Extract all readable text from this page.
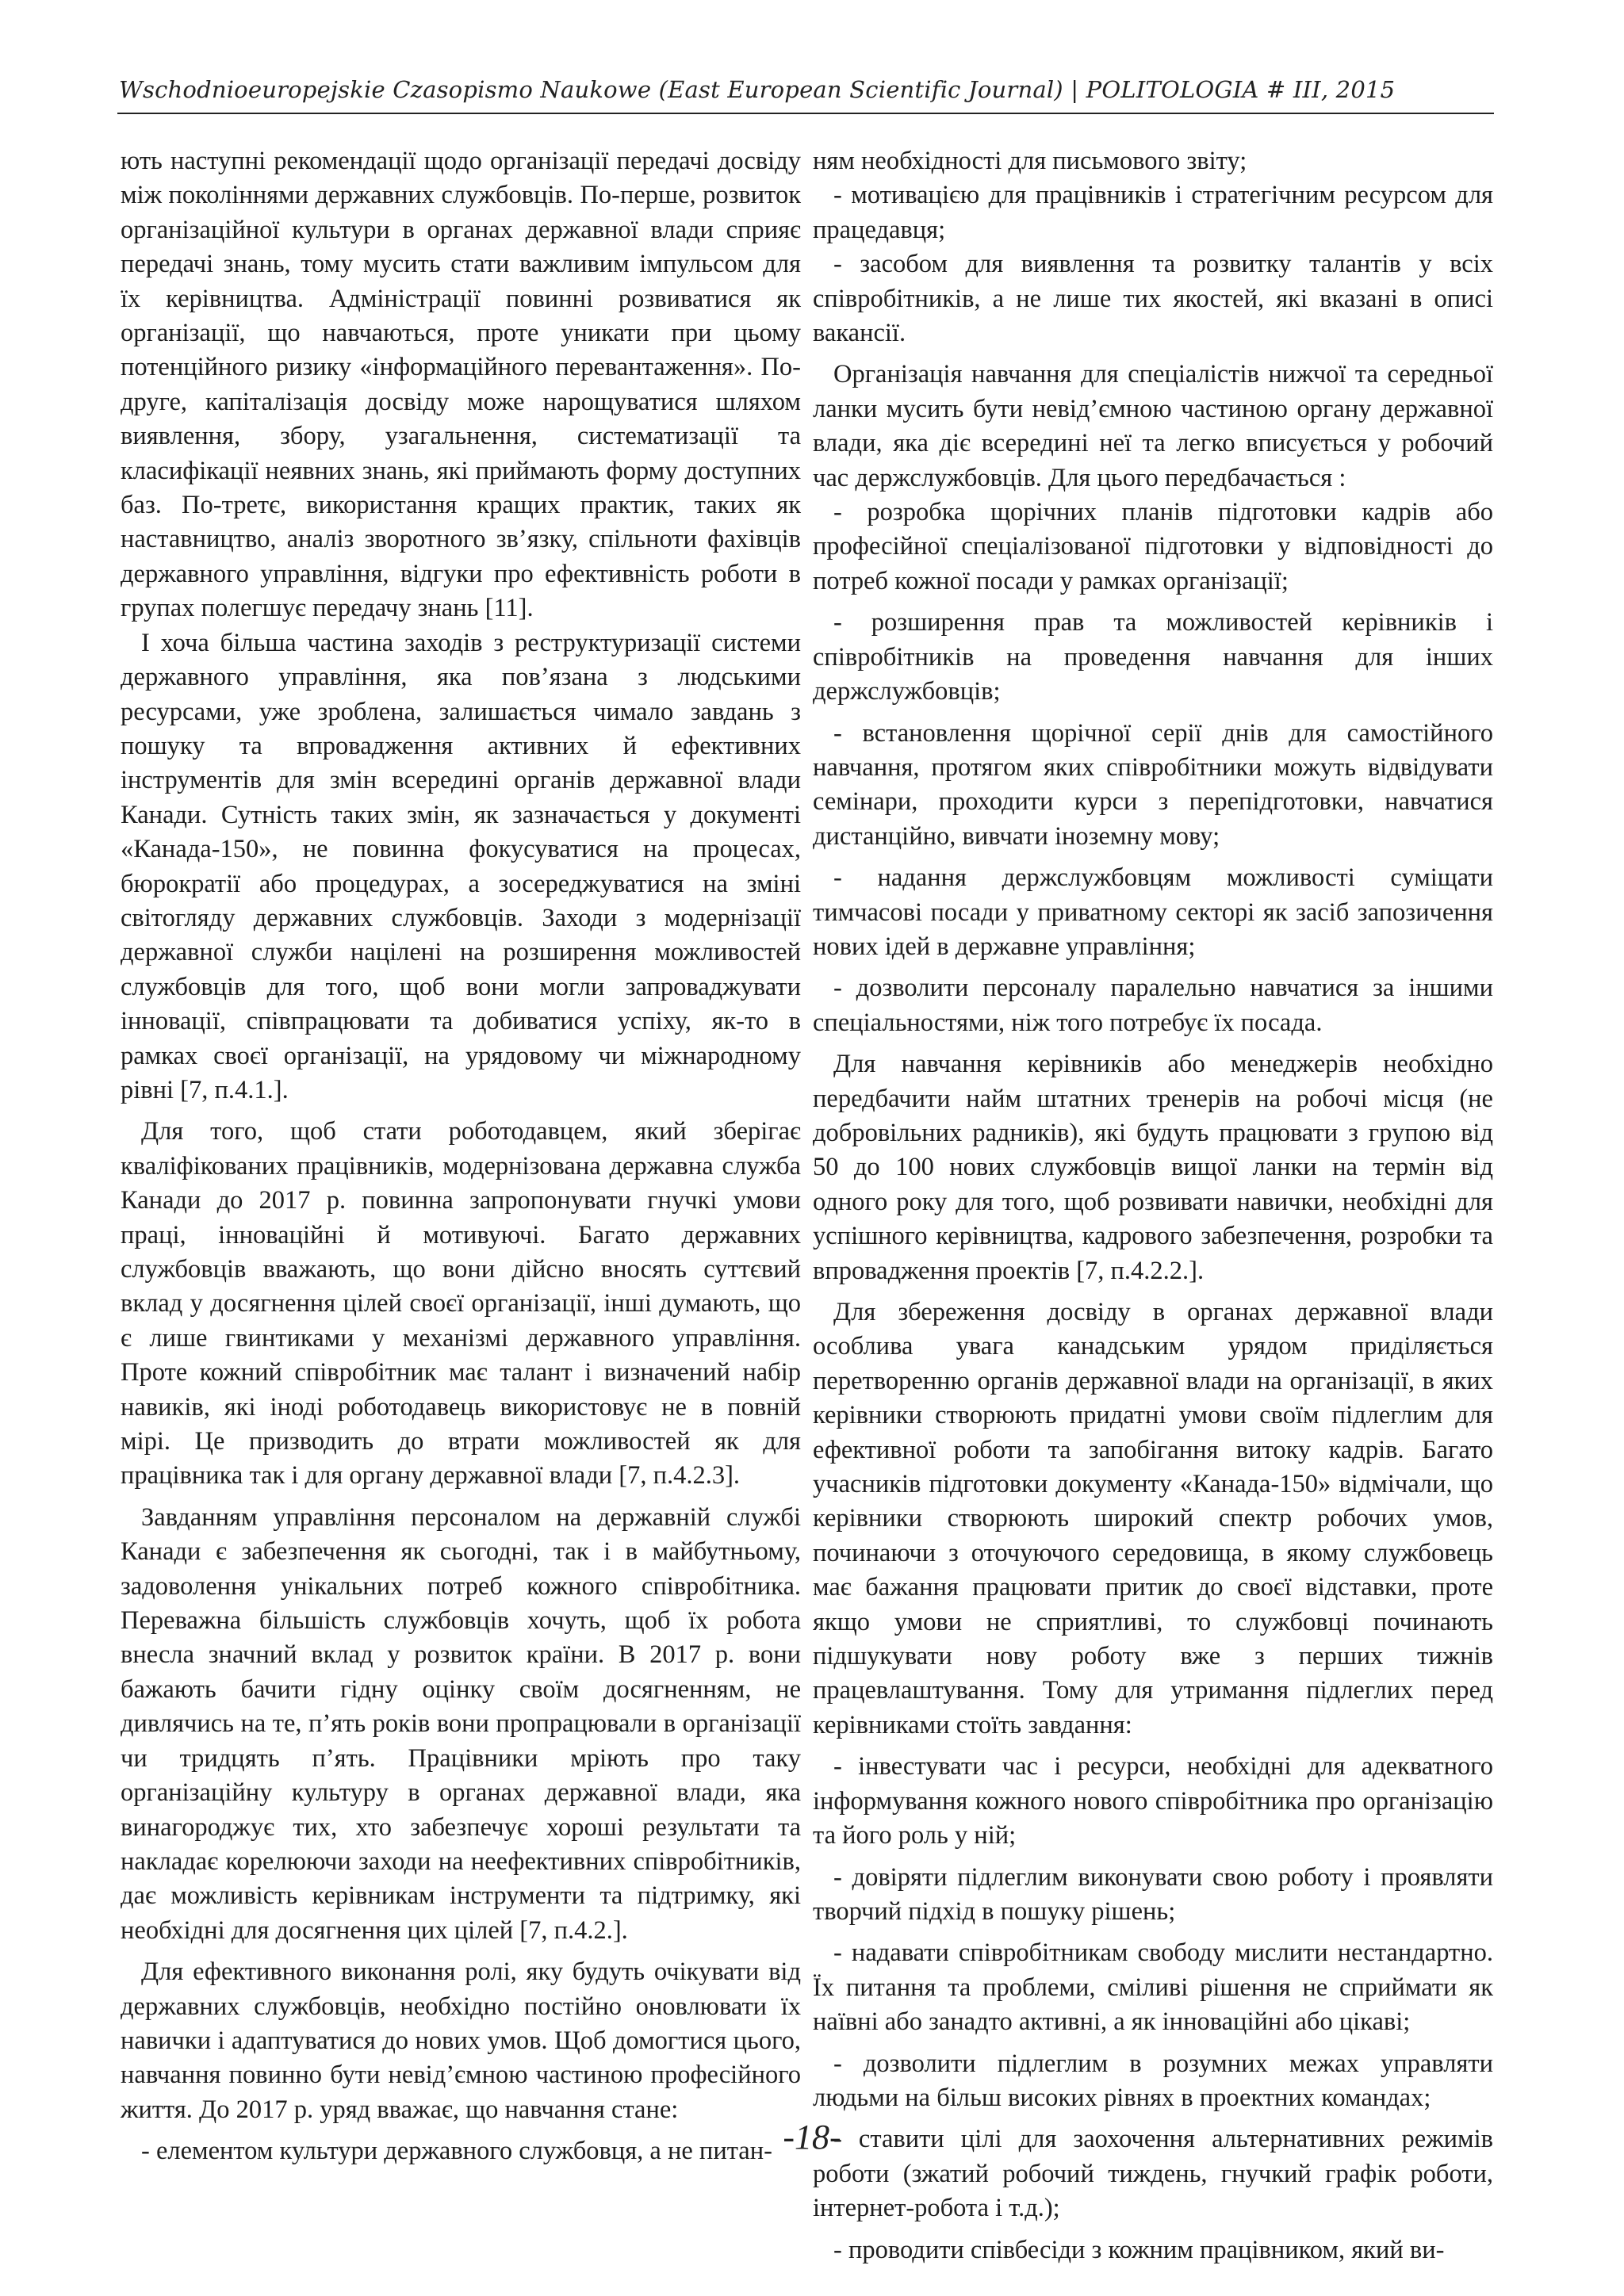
Wschodnioeuropejskie Czasopismo Naukowe (East European Scientific Journal) | POLITOLOGIA # III, 2015

ють наступні рекомендації щодо організації передачі досвіду між поколіннями державних службовців. По-перше, розвиток організаційної культури в органах державної влади сприяє передачі знань, тому мусить стати важливим імпульсом для їх керівництва. Адміністрації повинні розвиватися як організації, що навчаються, проте уникати при цьому потенційного ризику «інформаційного перевантаження». По-друге, капіталізація досвіду може нарощуватися шляхом виявлення, збору, узагальнення, систематизації та класифікації неявних знань, які приймають форму доступних баз. По-третє, використання кращих практик, таких як наставництво, аналіз зворотного зв’язку, спільноти фахівців державного управління, відгуки про ефективність роботи в групах полегшує передачу знань [11].

І хоча більша частина заходів з реструктуризації системи державного управління, яка пов’язана з людськими ресурсами, уже зроблена, залишається чимало завдань з пошуку та впровадження активних й ефективних інструментів для змін всередині органів державної влади Канади. Сутність таких змін, як зазначається у документі «Канада-150», не повинна фокусуватися на процесах, бюрократії або процедурах, а зосереджуватися на зміні світогляду державних службовців. Заходи з модернізації державної служби націлені на розширення можливостей службовців для того, щоб вони могли запроваджувати інновації, співпрацювати та добиватися успіху, як-то в рамках своєї організації, на урядовому чи міжнародному рівні [7, п.4.1.].

Для того, щоб стати роботодавцем, який зберігає кваліфікованих працівників, модернізована державна служба Канади до 2017 р. повинна запропонувати гнучкі умови праці, інноваційні й мотивуючі. Багато державних службовців вважають, що вони дійсно вносять суттєвий вклад у досягнення цілей своєї організації, інші думають, що є лише гвинтиками у механізмі державного управління. Проте кожний співробітник має талант і визначений набір навиків, які іноді роботодавець використовує не в повній мірі. Це призводить до втрати можливостей як для працівника так і для органу державної влади [7, п.4.2.3].

Завданням управління персоналом на державній службі Канади є забезпечення як сьогодні, так і в майбутньому, задоволення унікальних потреб кожного співробітника. Переважна більшість службовців хочуть, щоб їх робота внесла значний вклад у розвиток країни. В 2017 р. вони бажають бачити гідну оцінку своїм досягненням, не дивлячись на те, п’ять років вони пропрацювали в організації чи тридцять п’ять. Працівники мріють про таку організаційну культуру в органах державної влади, яка винагороджує тих, хто забезпечує хороші результати та накладає корелюючи заходи на неефективних співробітників, дає можливість керівникам інструменти та підтримку, які необхідні для досягнення цих цілей [7, п.4.2.].

Для ефективного виконання ролі, яку будуть очікувати від державних службовців, необхідно постійно оновлювати їх навички і адаптуватися до нових умов. Щоб домогтися цього, навчання повинно бути невід’ємною частиною професійного життя. До 2017 р. уряд вважає, що навчання стане:

- елементом культури державного службовця, а не питан-

ням необхідності для письмового звіту;

- мотивацією для працівників і стратегічним ресурсом для працедавця;

- засобом для виявлення та розвитку талантів у всіх співробітників, а не лише тих якостей, які вказані в описі вакансії.

Організація навчання для спеціалістів нижчої та середньої ланки мусить бути невід’ємною частиною органу державної влади, яка діє всередині неї та легко вписується у робочий час держслужбовців. Для цього передбачається :

- розробка щорічних планів підготовки кадрів або професійної спеціалізованої підготовки у відповідності до потреб кожної посади у рамках організації;

- розширення прав та можливостей керівників і співробітників на проведення навчання для інших держслужбовців;

- встановлення щорічної серії днів для самостійного навчання, протягом яких співробітники можуть відвідувати семінари, проходити курси з перепідготовки, навчатися дистанційно, вивчати іноземну мову;

- надання держслужбовцям можливості суміщати тимчасові посади у приватному секторі як засіб запозичення нових ідей в державне управління;

- дозволити персоналу паралельно навчатися за іншими спеціальностями, ніж того потребує їх посада.

Для навчання керівників або менеджерів необхідно передбачити найм штатних тренерів на робочі місця (не добровільних радників), які будуть працювати з групою від 50 до 100 нових службовців вищої ланки на термін від одного року для того, щоб розвивати навички, необхідні для успішного керівництва, кадрового забезпечення, розробки та впровадження проектів [7, п.4.2.2.].

Для збереження досвіду в органах державної влади особлива увага канадським урядом приділяється перетворенню органів державної влади на організації, в яких керівники створюють придатні умови своїм підлеглим для ефективної роботи та запобігання витоку кадрів. Багато учасників підготовки документу «Канада-150» відмічали, що керівники створюють широкий спектр робочих умов, починаючи з оточуючого середовища, в якому службовець має бажання працювати притик до своєї відставки, проте якщо умови не сприятливі, то службовці починають підшукувати нову роботу вже з перших тижнів працевлаштування. Тому для утримання підлеглих перед керівниками стоїть завдання:

- інвестувати час і ресурси, необхідні для адекватного інформування кожного нового співробітника про організацію та його роль у ній;

- довіряти підлеглим виконувати свою роботу і проявляти творчий підхід в пошуку рішень;

- надавати співробітникам свободу мислити нестандартно. Їх питання та проблеми, сміливі рішення не сприймати як наївні або занадто активні, а як інноваційні або цікаві;

- дозволити підлеглим в розумних межах управляти людьми на більш високих рівнях в проектних командах;

- ставити цілі для заохочення альтернативних режимів роботи (зжатий робочий тиждень, гнучкий графік роботи, інтернет-робота і т.д.);

- проводити співбесіди з кожним працівником, який ви-

-18-
